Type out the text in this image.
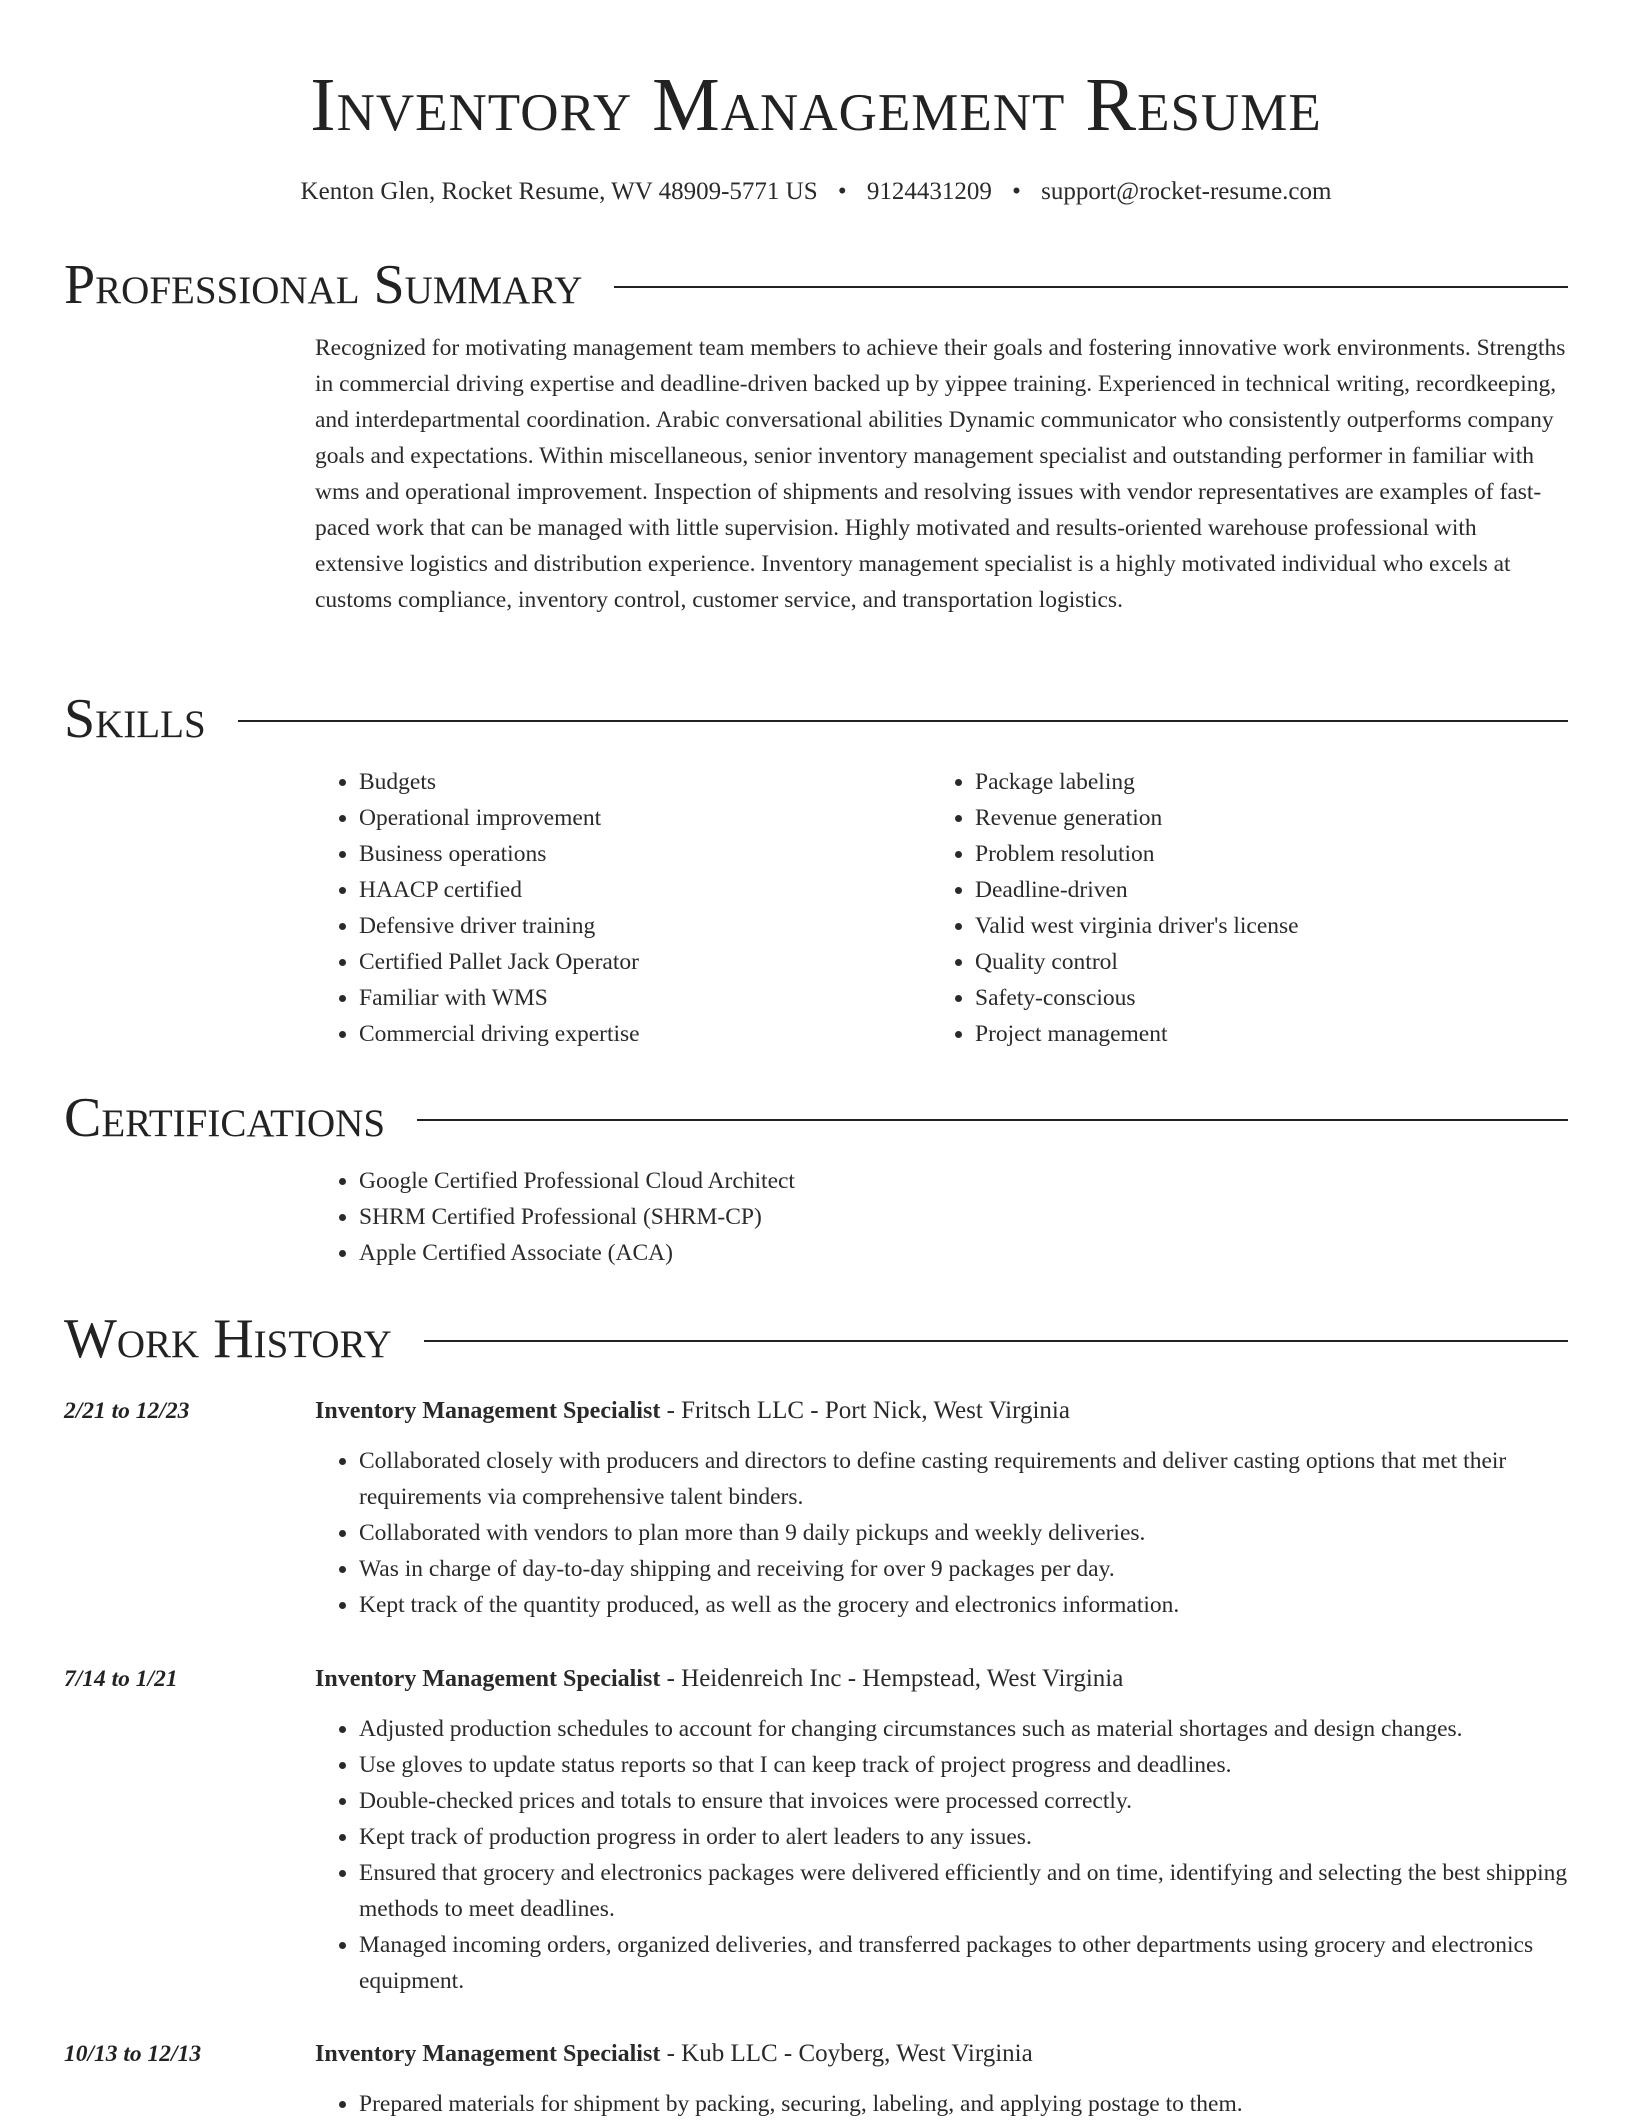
Inventory Management Resume
Kenton Glen, Rocket Resume, WV 48909-5771 US • 9124431209 • support@rocket-resume.com
Professional Summary

Recognized for motivating management team members to achieve their goals and fostering innovative work environments. Strengths in commercial driving expertise and deadline-driven backed up by yippee training. Experienced in technical writing, recordkeeping, and interdepartmental coordination. Arabic conversational abilities Dynamic communicator who consistently outperforms company goals and expectations. Within miscellaneous, senior inventory management specialist and outstanding performer in familiar with wms and operational improvement. Inspection of shipments and resolving issues with vendor representatives are examples of fast-paced work that can be managed with little supervision. Highly motivated and results-oriented warehouse professional with extensive logistics and distribution experience. Inventory management specialist is a highly motivated individual who excels at customs compliance, inventory control, customer service, and transportation logistics.

Skills
• Budgets
• Operational improvement
• Business operations
• HAACP certified
• Defensive driver training
• Certified Pallet Jack Operator
• Familiar with WMS
• Commercial driving expertise
• Package labeling
• Revenue generation
• Problem resolution
• Deadline-driven
• Valid west virginia driver's license
• Quality control
• Safety-conscious
• Project management
Certifications
• Google Certified Professional Cloud Architect
• SHRM Certified Professional (SHRM-CP)
• Apple Certified Associate (ACA)
Work History
2/21 to 12/23	Inventory Management Specialist - Fritsch LLC - Port Nick, West Virginia
• Collaborated closely with producers and directors to define casting requirements and deliver casting options that met their requirements via comprehensive talent binders.
• Collaborated with vendors to plan more than 9 daily pickups and weekly deliveries.
• Was in charge of day-to-day shipping and receiving for over 9 packages per day.
• Kept track of the quantity produced, as well as the grocery and electronics information.
7/14 to 1/21	Inventory Management Specialist - Heidenreich Inc - Hempstead, West Virginia
• Adjusted production schedules to account for changing circumstances such as material shortages and design changes.
• Use gloves to update status reports so that I can keep track of project progress and deadlines.
• Double-checked prices and totals to ensure that invoices were processed correctly.
• Kept track of production progress in order to alert leaders to any issues.
• Ensured that grocery and electronics packages were delivered efficiently and on time, identifying and selecting the best shipping methods to meet deadlines.
• Managed incoming orders, organized deliveries, and transferred packages to other departments using grocery and electronics equipment.
10/13 to 12/13	Inventory Management Specialist - Kub LLC - Coyberg, West Virginia
• Prepared materials for shipment by packing, securing, labeling, and applying postage to them.
